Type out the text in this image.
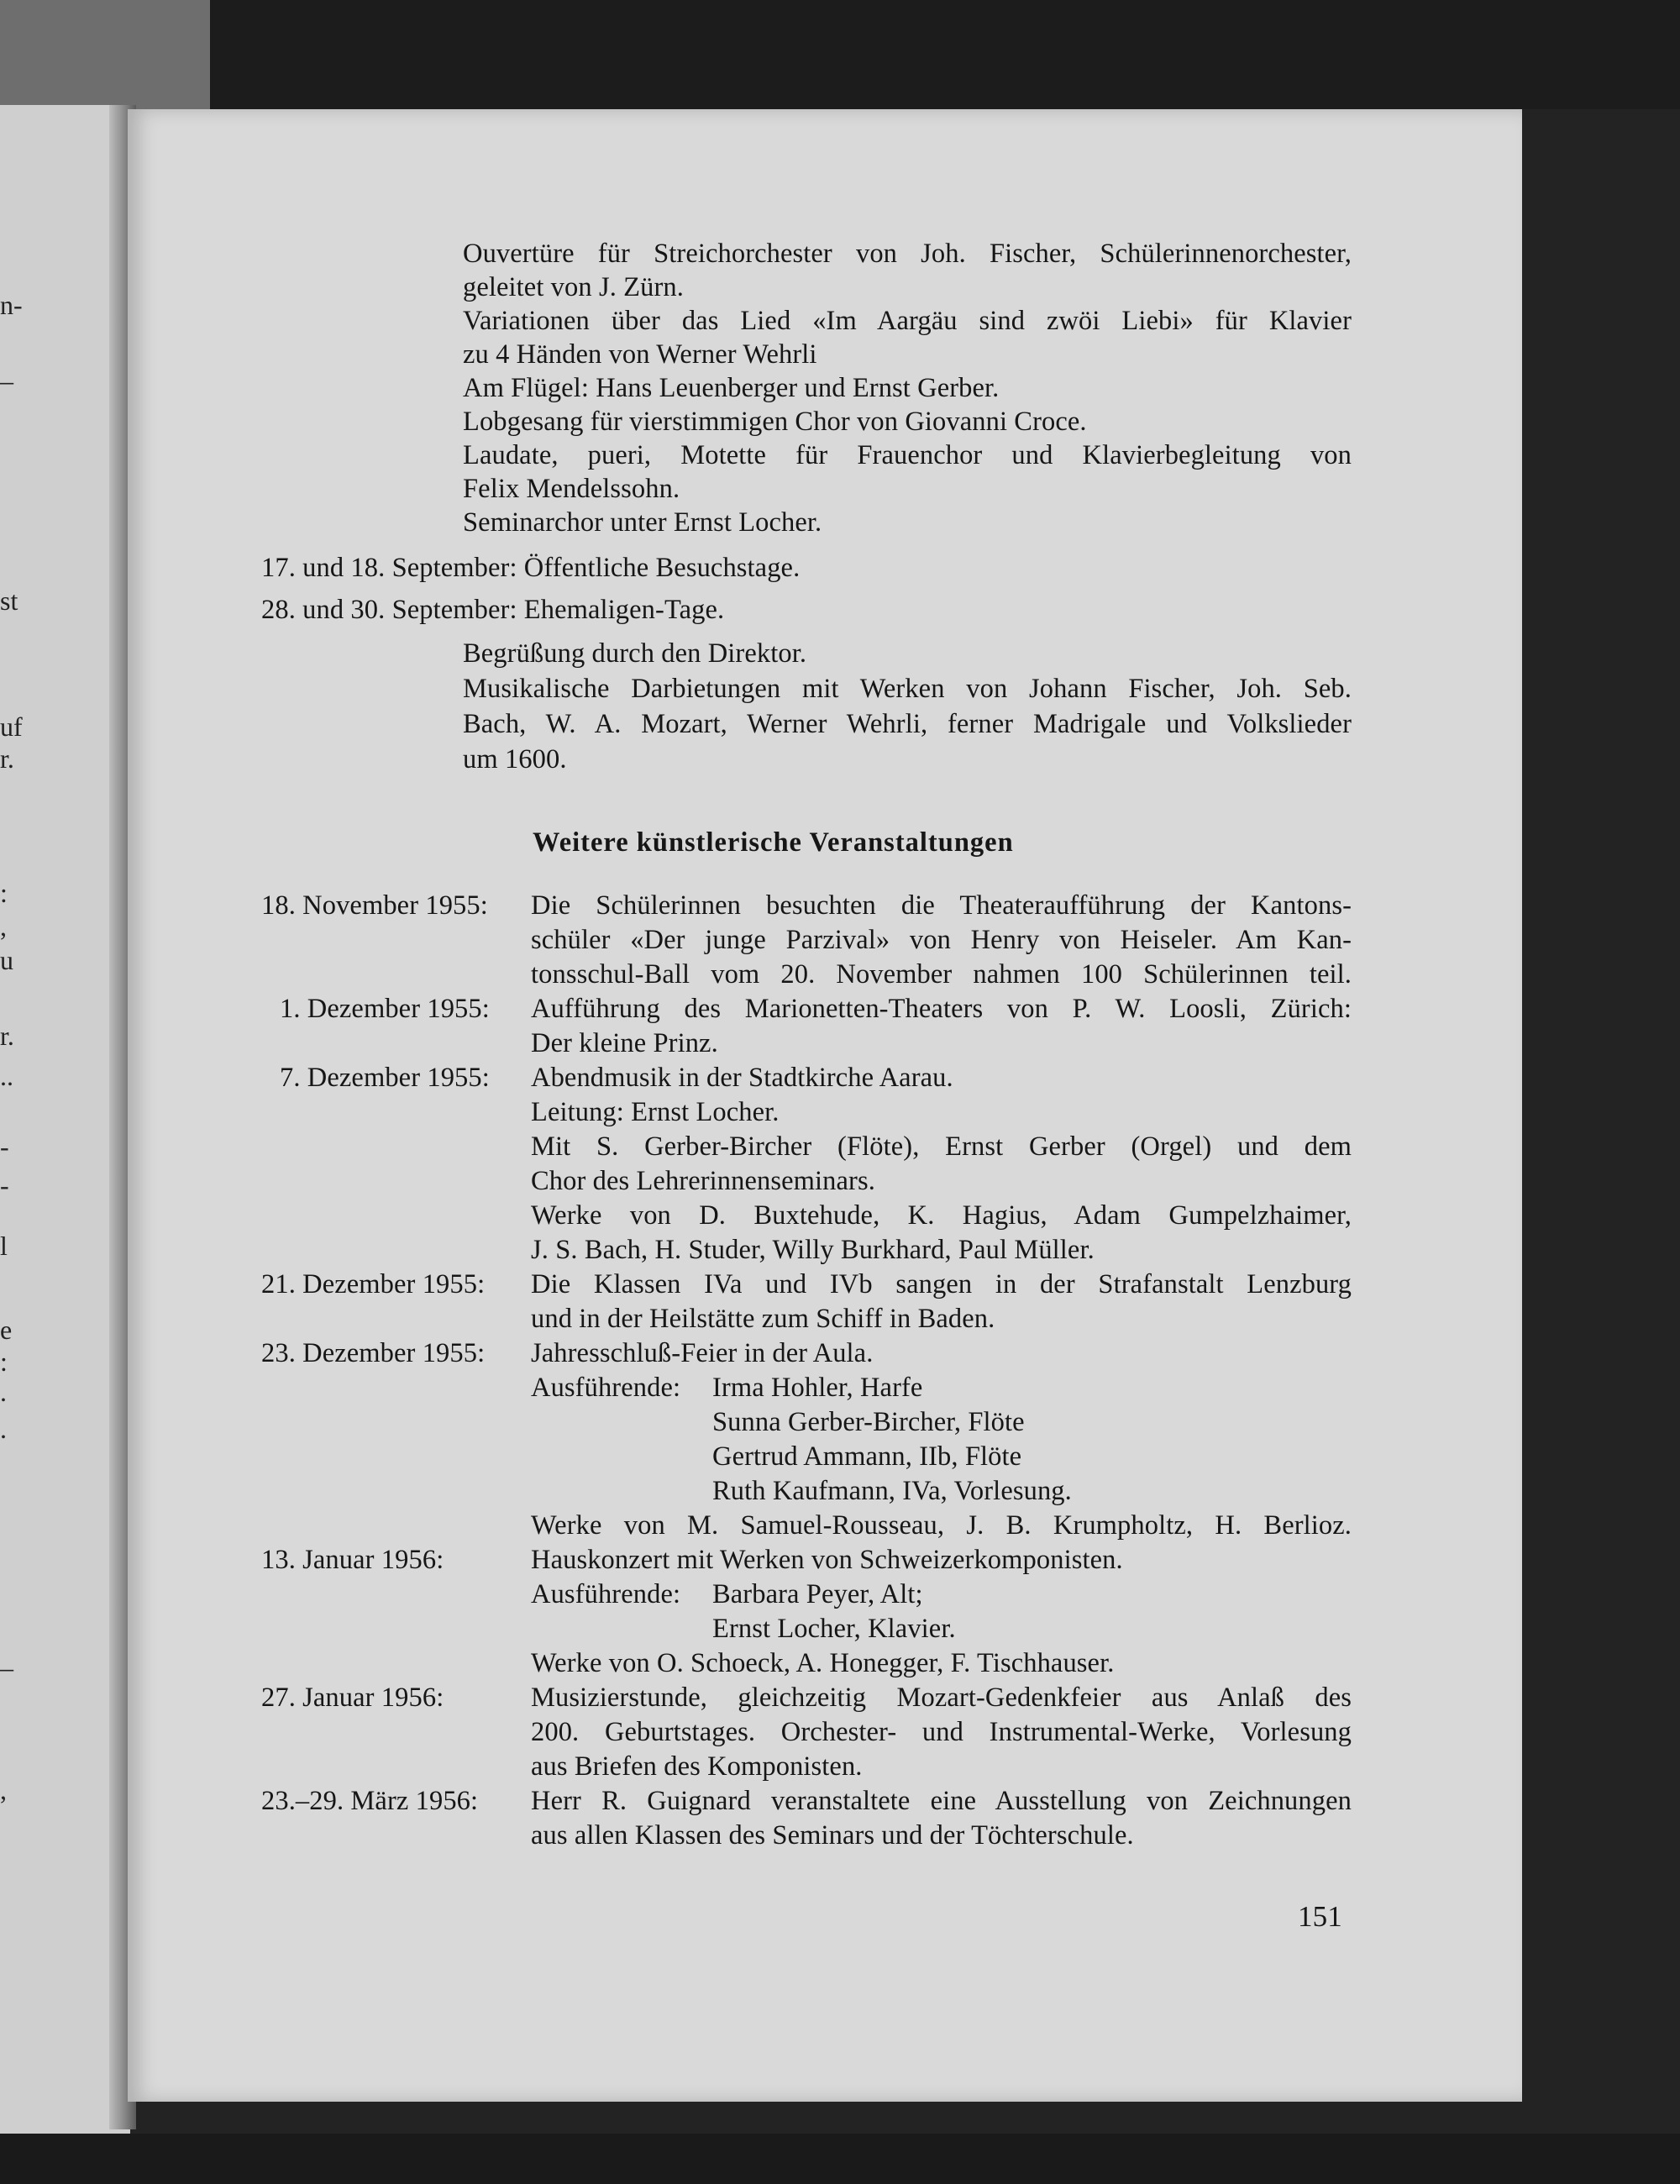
n-
–
st
uf
r.
:
,
u
r.
..
-
-
l
e
:
.
.
–
,
Ouvertüre für Streichorchester von Joh. Fischer, Schülerinnenorchester,
geleitet von J. Zürn.
Variationen über das Lied «Im Aargäu sind zwöi Liebi» für Klavier
zu 4 Händen von Werner Wehrli
Am Flügel: Hans Leuenberger und Ernst Gerber.
Lobgesang für vierstimmigen Chor von Giovanni Croce.
Laudate, pueri, Motette für Frauenchor und Klavierbegleitung von
Felix Mendelssohn.
Seminarchor unter Ernst Locher.
17. und 18. September: Öffentliche Besuchstage.
28. und 30. September: Ehemaligen-Tage.
Begrüßung durch den Direktor.
Musikalische Darbietungen mit Werken von Johann Fischer, Joh. Seb.
Bach, W. A. Mozart, Werner Wehrli, ferner Madrigale und Volkslieder
um 1600.
Weitere künstlerische Veranstaltungen
18. November 1955: Die Schülerinnen besuchten die Theateraufführung der Kantons-
schüler «Der junge Parzival» von Henry von Heiseler. Am Kan-
tonsschul-Ball vom 20. November nahmen 100 Schülerinnen teil.
1. Dezember 1955: Aufführung des Marionetten-Theaters von P. W. Loosli, Zürich:
Der kleine Prinz.
7. Dezember 1955: Abendmusik in der Stadtkirche Aarau.
Leitung: Ernst Locher.
Mit S. Gerber-Bircher (Flöte), Ernst Gerber (Orgel) und dem
Chor des Lehrerinnenseminars.
Werke von D. Buxtehude, K. Hagius, Adam Gumpelzhaimer,
J. S. Bach, H. Studer, Willy Burkhard, Paul Müller.
21. Dezember 1955: Die Klassen IVa und IVb sangen in der Strafanstalt Lenzburg
und in der Heilstätte zum Schiff in Baden.
23. Dezember 1955: Jahresschluß-Feier in der Aula.
Ausführende: Irma Hohler, Harfe
Sunna Gerber-Bircher, Flöte
Gertrud Ammann, IIb, Flöte
Ruth Kaufmann, IVa, Vorlesung.
Werke von M. Samuel-Rousseau, J. B. Krumpholtz, H. Berlioz.
13. Januar 1956:	Hauskonzert mit Werken von Schweizerkomponisten.
Ausführende: Barbara Peyer, Alt;
Ernst Locher, Klavier.
Werke von O. Schoeck, A. Honegger, F. Tischhauser.
27. Januar 1956:	Musizierstunde, gleichzeitig Mozart-Gedenkfeier aus Anlaß des
200. Geburtstages. Orchester- und Instrumental-Werke, Vorlesung
aus Briefen des Komponisten.
23.–29. März 1956: Herr R. Guignard veranstaltete eine Ausstellung von Zeichnungen
aus allen Klassen des Seminars und der Töchterschule.
151
